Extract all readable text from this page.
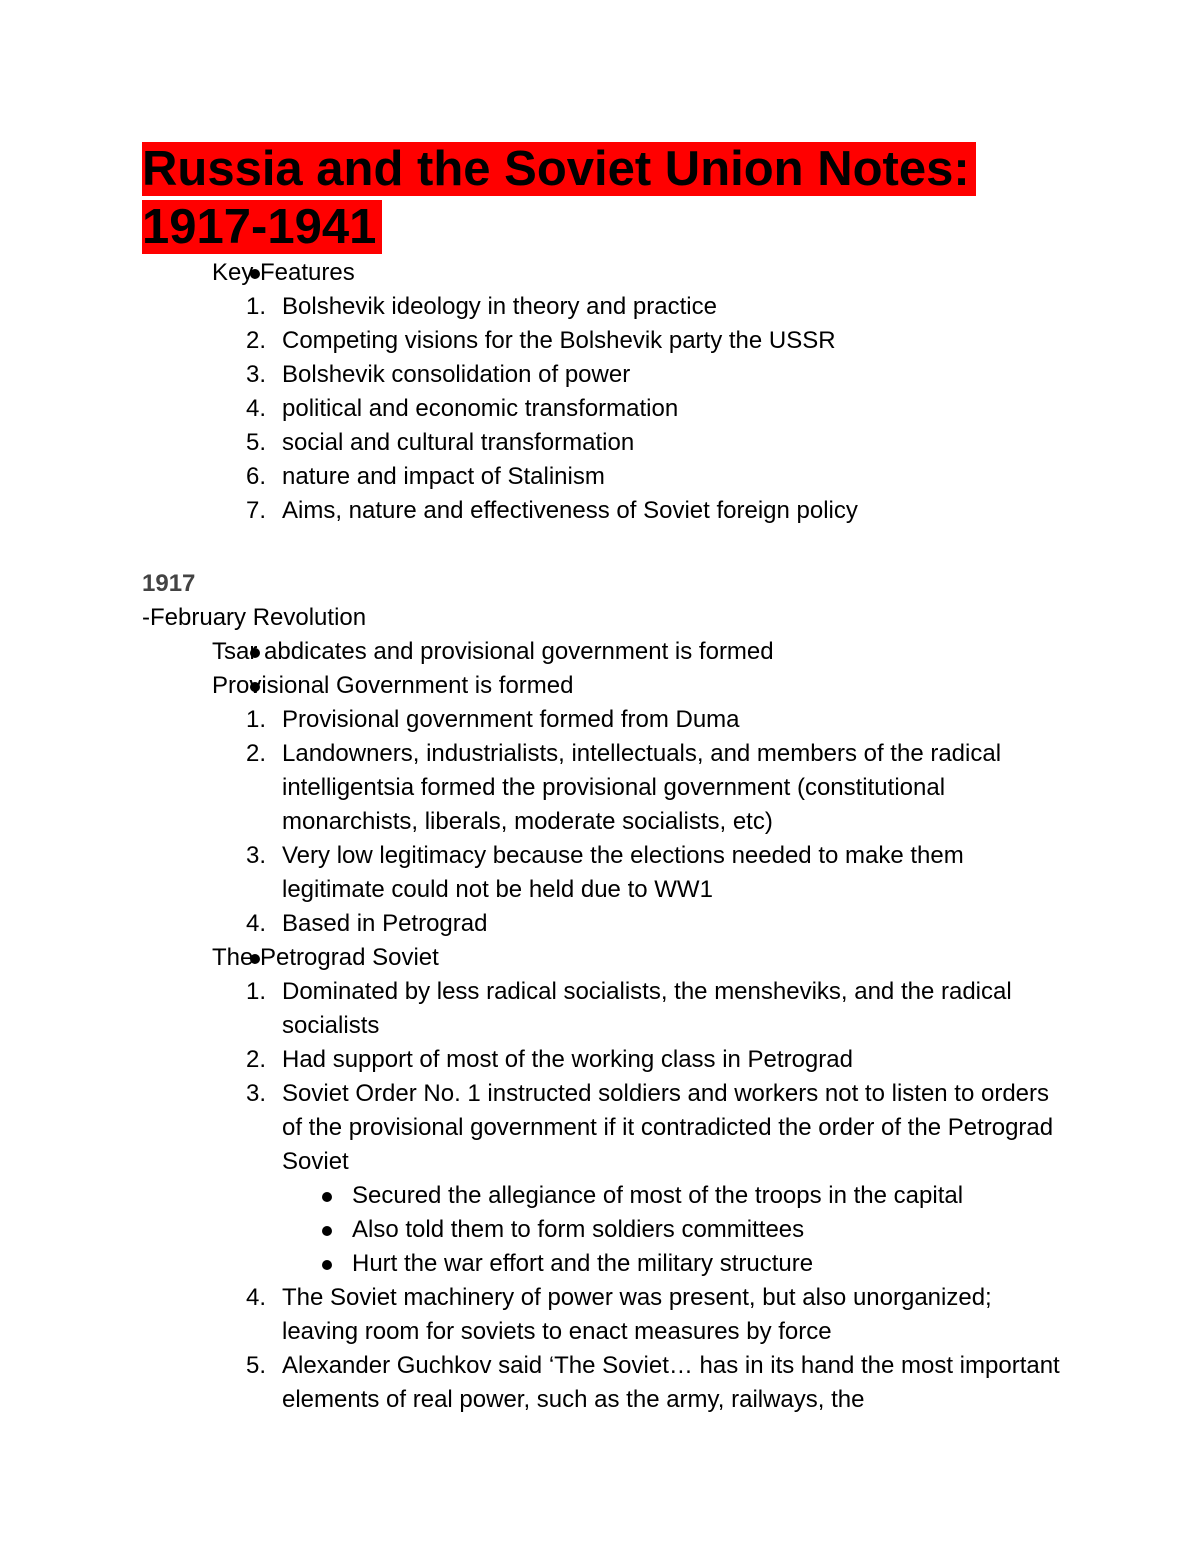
Russia and the Soviet Union Notes:
1917-1941
Key Features
1. Bolshevik ideology in theory and practice
2. Competing visions for the Bolshevik party the USSR
3. Bolshevik consolidation of power
4. political and economic transformation
5. social and cultural transformation
6. nature and impact of Stalinism
7. Aims, nature and effectiveness of Soviet foreign policy
1917
-February Revolution
Tsar abdicates and provisional government is formed
Provisional Government is formed
1. Provisional government formed from Duma
2. Landowners, industrialists, intellectuals, and members of the radical intelligentsia formed the provisional government (constitutional monarchists, liberals, moderate socialists, etc)
3. Very low legitimacy because the elections needed to make them legitimate could not be held due to WW1
4. Based in Petrograd
The Petrograd Soviet
1. Dominated by less radical socialists, the mensheviks, and the radical socialists
2. Had support of most of the working class in Petrograd
3. Soviet Order No. 1 instructed soldiers and workers not to listen to orders of the provisional government if it contradicted the order of the Petrograd Soviet
Secured the allegiance of most of the troops in the capital
Also told them to form soldiers committees
Hurt the war effort and the military structure
4. The Soviet machinery of power was present, but also unorganized; leaving room for soviets to enact measures by force
5. Alexander Guchkov said ‘The Soviet… has in its hand the most important elements of real power, such as the army, railways, the
